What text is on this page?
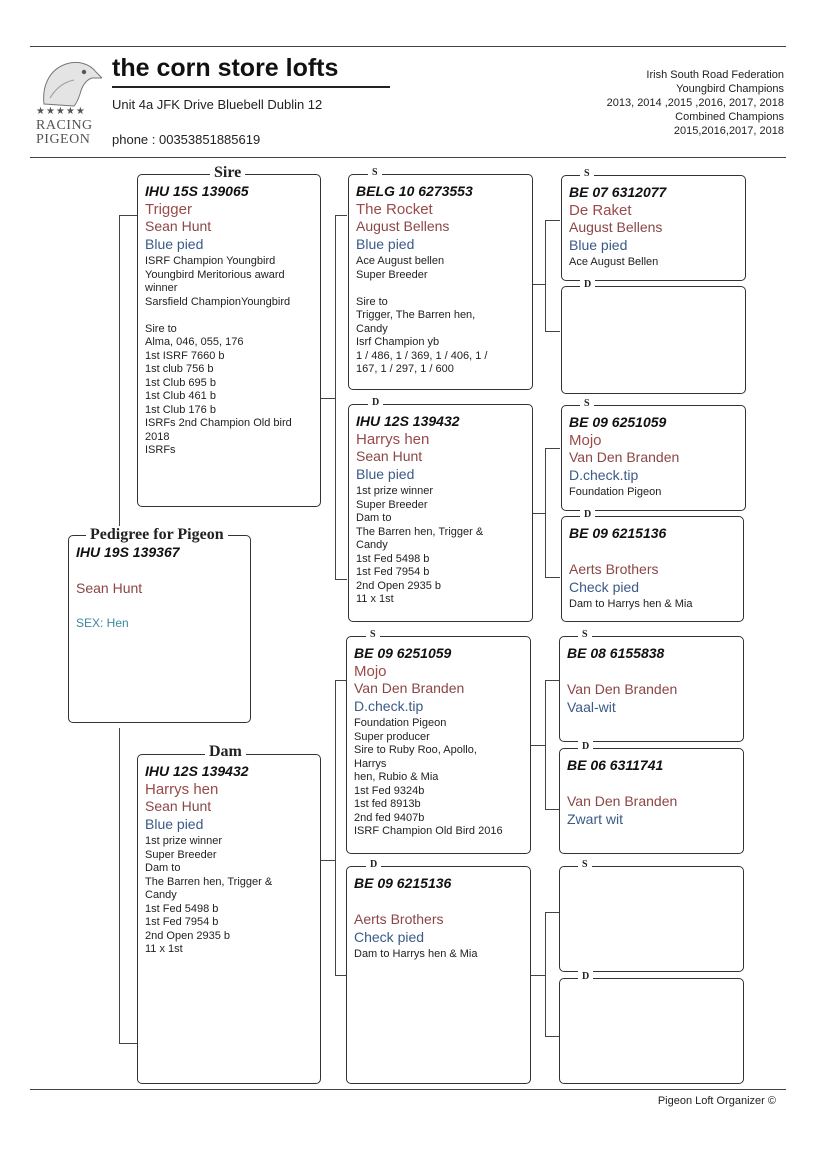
★★★★★
RACING
PIGEON
the corn store lofts
Unit 4a JFK Drive Bluebell Dublin 12
phone : 00353851885619
Irish South Road Federation
Youngbird Champions
2013, 2014 ,2015 ,2016, 2017, 2018
Combined Champions
2015,2016,2017, 2018
IHU 19S 139367
Sean Hunt
SEX: Hen
Pedigree for Pigeon
IHU 15S 139065
Trigger
Sean Hunt
Blue pied
ISRF Champion Youngbird
Youngbird Meritorious award
winner
Sarsfield ChampionYoungbird

Sire to
Alma, 046, 055, 176
1st ISRF 7660 b
1st club 756 b
1st Club 695 b
1st Club 461 b
1st Club 176 b
ISRFs 2nd Champion Old bird
2018
ISRFs
Sire
IHU 12S 139432
Harrys hen
Sean Hunt
Blue pied
1st prize winner
Super Breeder
Dam to
The Barren hen, Trigger &
Candy
1st Fed 5498 b
1st Fed 7954 b
2nd Open 2935 b
11 x 1st
Dam
BELG 10 6273553
The Rocket
August Bellens
Blue pied
Ace August bellen
Super Breeder

Sire to
Trigger, The Barren hen,
Candy
Isrf Champion yb
1 / 486, 1 / 369, 1 / 406, 1 /
167, 1 / 297, 1 / 600
S
IHU 12S 139432
Harrys hen
Sean Hunt
Blue pied
1st prize winner
Super Breeder
Dam to
The Barren hen, Trigger &
Candy
1st Fed 5498 b
1st Fed 7954 b
2nd Open 2935 b
11 x 1st
D
BE 09 6251059
Mojo
Van Den Branden
D.check.tip
Foundation Pigeon
Super producer
Sire to Ruby Roo, Apollo,
Harrys
hen, Rubio & Mia
1st Fed 9324b
1st fed 8913b
2nd fed 9407b
ISRF Champion Old Bird 2016
S
BE 09 6215136
Aerts Brothers
Check pied
Dam to Harrys hen & Mia
D
BE 07 6312077
De Raket
August Bellens
Blue pied
Ace August Bellen
S
D
BE 09 6251059
Mojo
Van Den Branden
D.check.tip
Foundation Pigeon
S
BE 09 6215136
Aerts Brothers
Check pied
Dam to Harrys hen & Mia
D
BE 08 6155838
Van Den Branden
Vaal-wit
S
BE 06 6311741
Van Den Branden
Zwart wit
D
S
D
Pigeon Loft Organizer ©
